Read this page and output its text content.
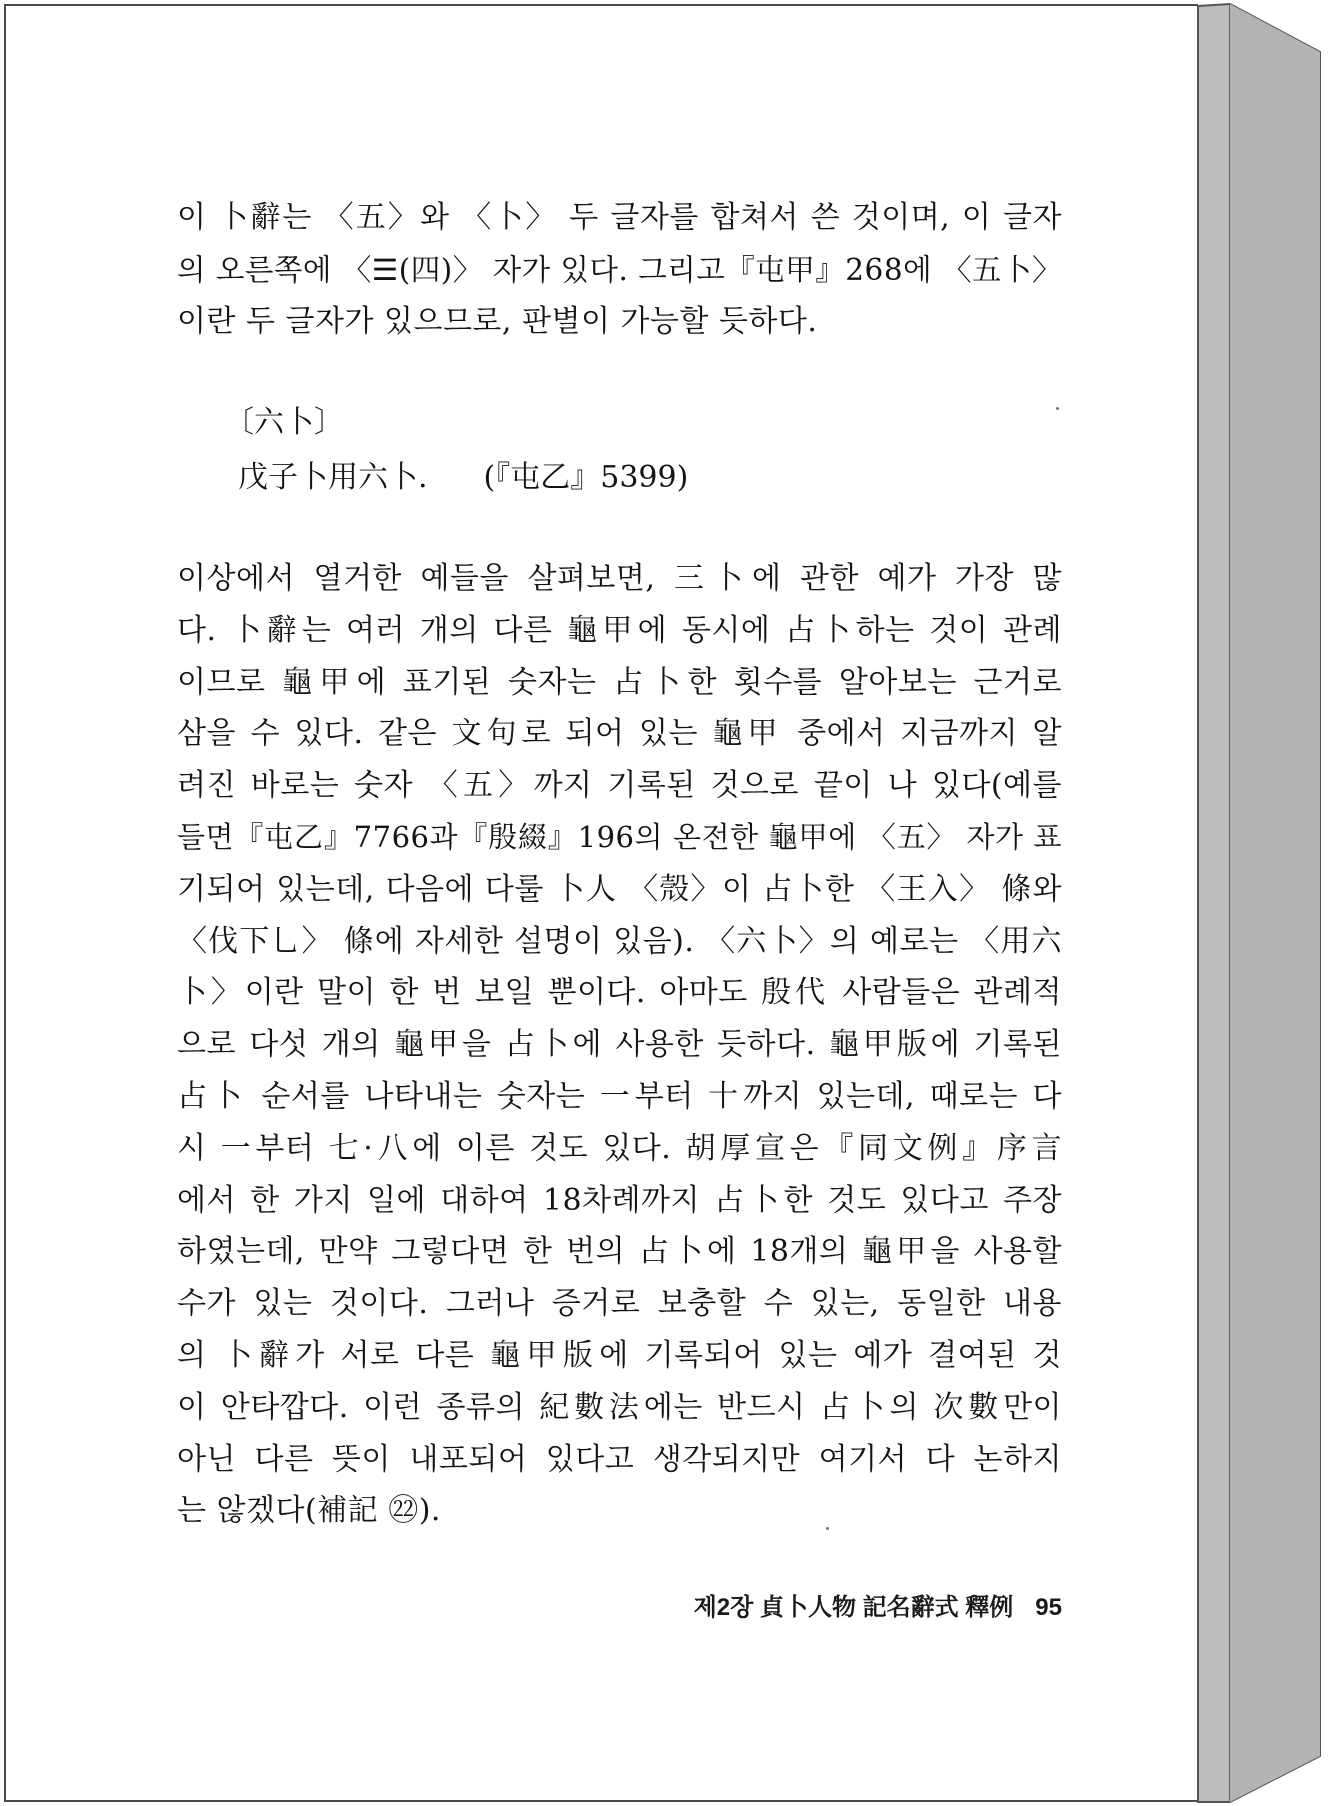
이 卜辭는 〈五〉와 〈卜〉 두 글자를 합쳐서 쓴 것이며, 이 글자
의 오른쪽에 〈☰(四)〉 자가 있다. 그리고『屯甲』268에 〈五卜〉
이란 두 글자가 있으므로, 판별이 가능할 듯하다.
〔六卜〕
戊子卜用六卜. (『屯乙』5399)
이상에서 열거한 예들을 살펴보면, 三卜에 관한 예가 가장 많
다. 卜辭는 여러 개의 다른 龜甲에 동시에 占卜하는 것이 관례
이므로 龜甲에 표기된 숫자는 占卜한 횟수를 알아보는 근거로
삼을 수 있다. 같은 文句로 되어 있는 龜甲 중에서 지금까지 알
려진 바로는 숫자 〈五〉까지 기록된 것으로 끝이 나 있다(예를
들면『屯乙』7766과『殷綴』196의 온전한 龜甲에 〈五〉 자가 표
기되어 있는데, 다음에 다룰 卜人 〈殼〉이 占卜한 〈王入〉 條와
〈伐下乚〉 條에 자세한 설명이 있음). 〈六卜〉의 예로는 〈用六
卜〉이란 말이 한 번 보일 뿐이다. 아마도 殷代 사람들은 관례적
으로 다섯 개의 龜甲을 占卜에 사용한 듯하다. 龜甲版에 기록된
占卜 순서를 나타내는 숫자는 一부터 十까지 있는데, 때로는 다
시 一부터 七·八에 이른 것도 있다. 胡厚宣은『同文例』序言
에서 한 가지 일에 대하여 18차례까지 占卜한 것도 있다고 주장
하였는데, 만약 그렇다면 한 번의 占卜에 18개의 龜甲을 사용할
수가 있는 것이다. 그러나 증거로 보충할 수 있는, 동일한 내용
의 卜辭가 서로 다른 龜甲版에 기록되어 있는 예가 결여된 것
이 안타깝다. 이런 종류의 紀數法에는 반드시 占卜의 次數만이
아닌 다른 뜻이 내포되어 있다고 생각되지만 여기서 다 논하지
는 않겠다(補記 ㉒).
제2장 貞卜人物 記名辭式 釋例 95
